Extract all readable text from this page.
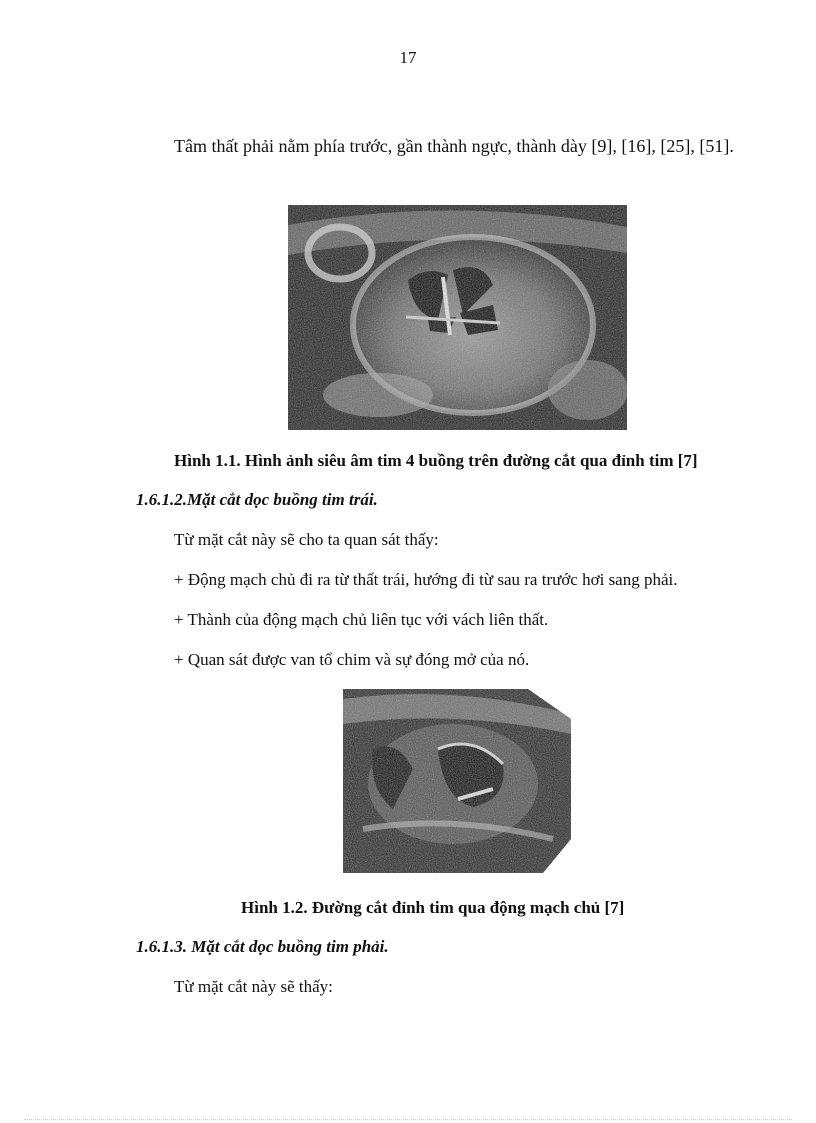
17

Tâm thất phải nằm phía trước, gần thành ngực, thành dày [9], [16], [25], [51].

Hình 1.1. Hình ảnh siêu âm tim 4 buồng trên đường cắt qua đỉnh tim [7]
1.6.1.2.Mặt cắt dọc buồng tim trái.
Từ mặt cắt này sẽ cho ta quan sát thấy:
+ Động mạch chủ đi ra từ thất trái, hướng đi từ sau ra trước hơi sang phải.
+ Thành của động mạch chủ liên tục với vách liên thất.
+ Quan sát được van tổ chim và sự đóng mở của nó.
Hình 1.2. Đường cắt đỉnh tim qua động mạch chủ [7]
1.6.1.3. Mặt cắt dọc buồng tim phải.
Từ mặt cắt này sẽ thấy:
